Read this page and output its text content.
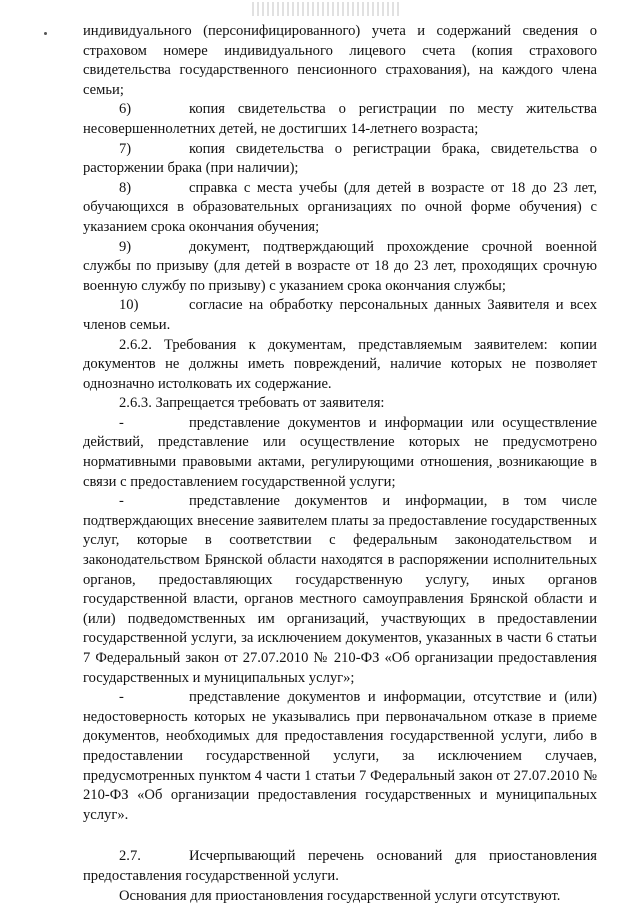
индивидуального (персонифицированного) учета и содержаний сведения о страховом номере индивидуального лицевого счета (копия страхового свидетельства государственного пенсионного страхования), на каждого члена семьи;

6)	копия свидетельства о регистрации по месту жительства несовершеннолетних детей, не достигших 14-летнего возраста;

7)	копия свидетельства о регистрации брака, свидетельства о расторжении брака (при наличии);

8)	справка с места учебы (для детей в возрасте от 18 до 23 лет, обучающихся в образовательных организациях по очной форме обучения) с указанием срока окончания обучения;

9)	документ, подтверждающий прохождение срочной военной службы по призыву (для детей в возрасте от 18 до 23 лет, проходящих срочную военную службу по призыву) с указанием срока окончания службы;

10)	согласие на обработку персональных данных Заявителя и всех членов семьи.

2.6.2. Требования к документам, представляемым заявителем: копии документов не должны иметь повреждений, наличие которых не позволяет однозначно истолковать их содержание.

2.6.3. Запрещается требовать от заявителя:

-	представление документов и информации или осуществление действий, представление или осуществление которых не предусмотрено нормативными правовыми актами, регулирующими отношения, возникающие в связи с предоставлением государственной услуги;

-	представление документов и информации, в том числе подтверждающих внесение заявителем платы за предоставление государственных услуг, которые в соответствии с федеральным законодательством и законодательством Брянской области находятся в распоряжении исполнительных органов, предоставляющих государственную услугу, иных органов государственной власти, органов местного самоуправления Брянской области и (или) подведомственных им организаций, участвующих в предоставлении государственной услуги, за исключением документов, указанных в части 6 статьи 7 Федеральный закон от 27.07.2010 № 210-ФЗ «Об организации предоставления государственных и муниципальных услуг»;

-	представление документов и информации, отсутствие и (или) недостоверность которых не указывались при первоначальном отказе в приеме документов, необходимых для предоставления государственной услуги, либо в предоставлении государственной услуги, за исключением случаев, предусмотренных пунктом 4 части 1 статьи 7 Федеральный закон от 27.07.2010 № 210-ФЗ «Об организации предоставления государственных и муниципальных услуг».

2.7.	Исчерпывающий перечень оснований для приостановления предоставления государственной услуги.

Основания для приостановления государственной услуги отсутствуют.
